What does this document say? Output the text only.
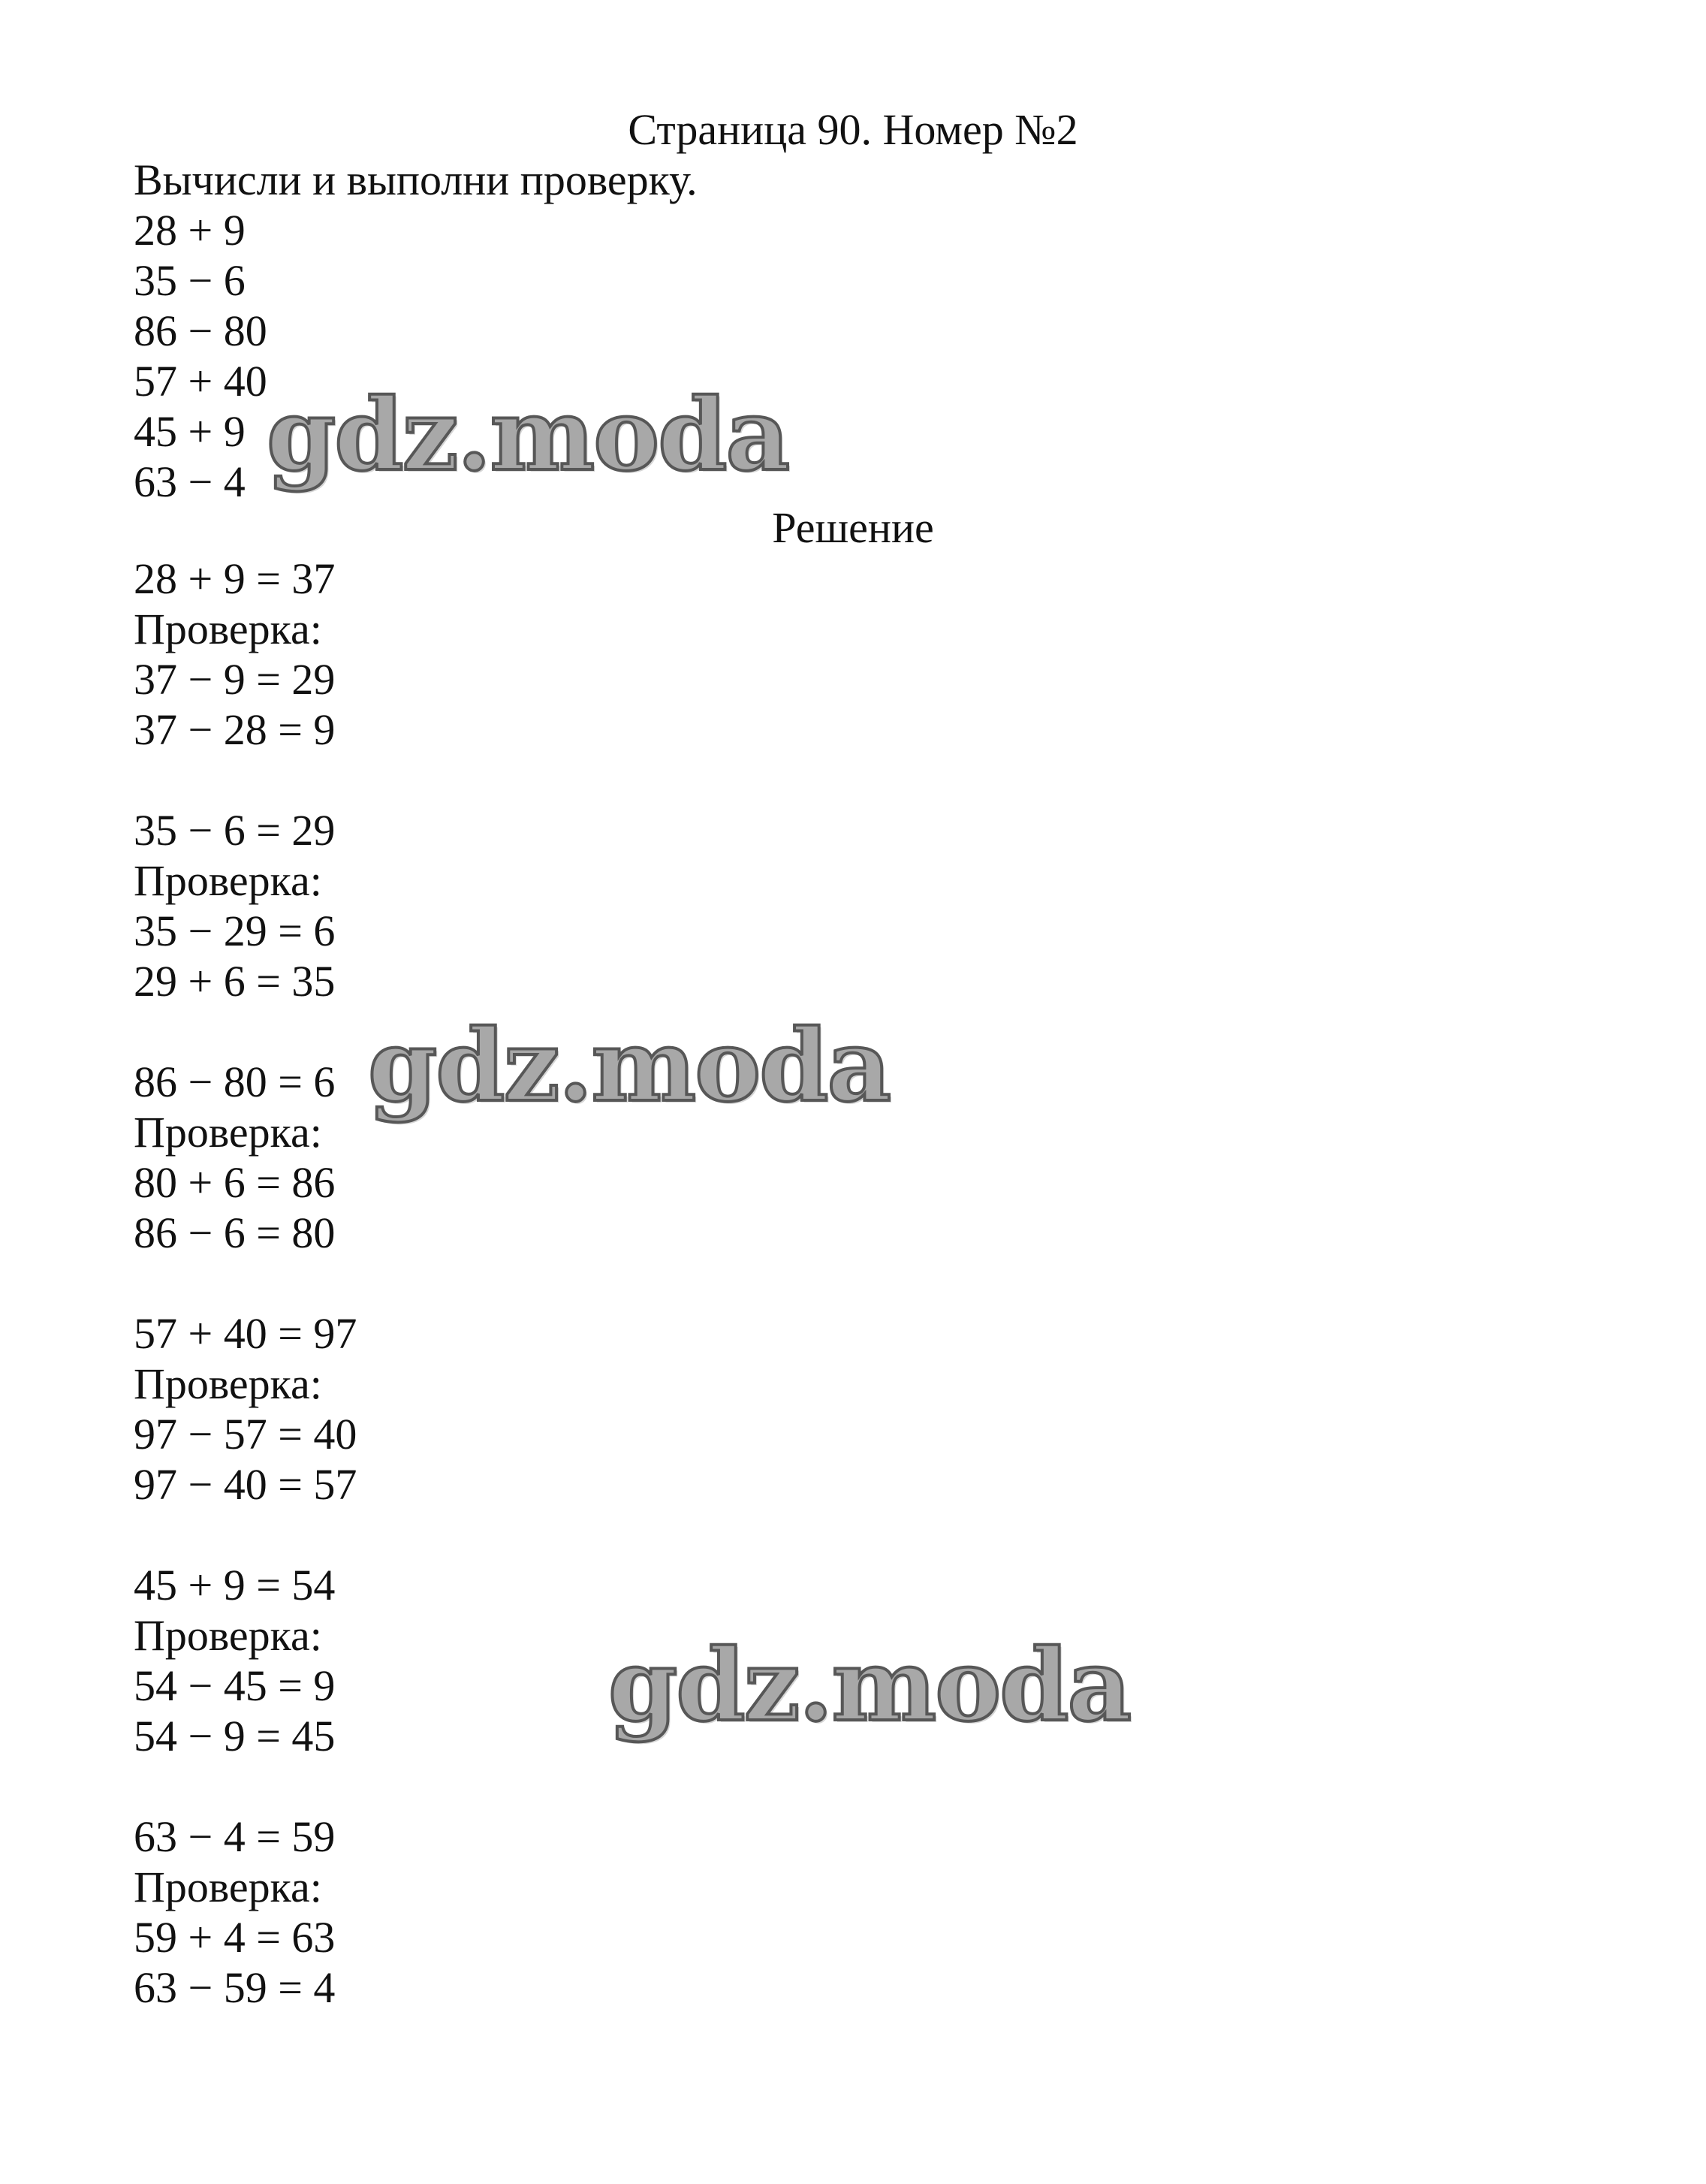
Страница 90. Номер №2
Вычисли и выполни проверку.
28 + 9
35 − 6
86 − 80
57 + 40
45 + 9
63 − 4
Решение
28 + 9 = 37
Проверка:
37 − 9 = 29
37 − 28 = 9
35 − 6 = 29
Проверка:
35 − 29 = 6
29 + 6 = 35
86 − 80 = 6
Проверка:
80 + 6 = 86
86 − 6 = 80
57 + 40 = 97
Проверка:
97 − 57 = 40
97 − 40 = 57
45 + 9 = 54
Проверка:
54 − 45 = 9
54 − 9 = 45
63 − 4 = 59
Проверка:
59 + 4 = 63
63 − 59 = 4
gdz.moda
gdz.moda
gdz.moda
